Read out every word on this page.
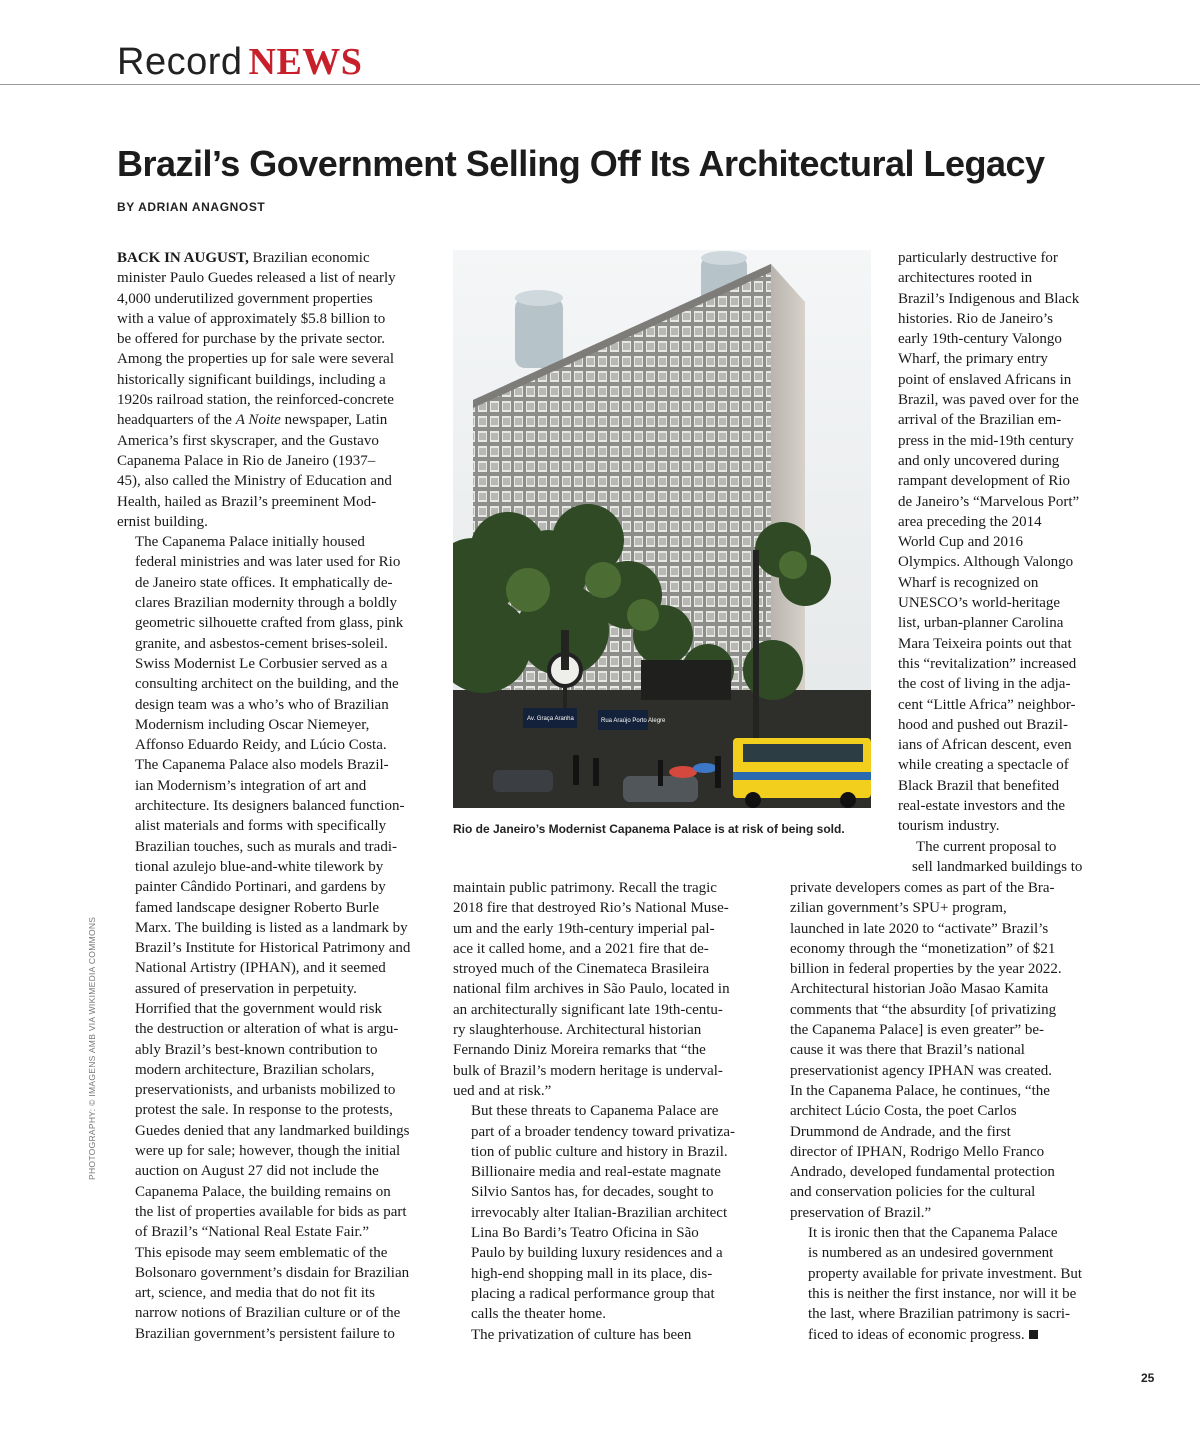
Record NEWS
Brazil’s Government Selling Off Its Architectural Legacy

BY ADRIAN ANAGNOST

BACK IN AUGUST, Brazilian economic
minister Paulo Guedes released a list of nearly
4,000 underutilized government properties
with a value of approximately $5.8 billion to
be offered for purchase by the private sector.
Among the properties up for sale were several
historically significant buildings, including a
1920s railroad station, the reinforced-concrete
headquarters of the A Noite newspaper, Latin
America’s first skyscraper, and the Gustavo
Capanema Palace in Rio de Janeiro (1937–
45), also called the Ministry of Education and
Health, hailed as Brazil’s preeminent Mod-
ernist building.

The Capanema Palace initially housed
federal ministries and was later used for Rio
de Janeiro state offices. It emphatically de-
clares Brazilian modernity through a boldly
geometric silhouette crafted from glass, pink
granite, and asbestos-cement brises-soleil.
Swiss Modernist Le Corbusier served as a
consulting architect on the building, and the
design team was a who’s who of Brazilian
Modernism including Oscar Niemeyer,
Affonso Eduardo Reidy, and Lúcio Costa.

The Capanema Palace also models Brazil-
ian Modernism’s integration of art and
architecture. Its designers balanced function-
alist materials and forms with specifically
Brazilian touches, such as murals and tradi-
tional azulejo blue-and-white tilework by
painter Cândido Portinari, and gardens by
famed landscape designer Roberto Burle
Marx. The building is listed as a landmark by
Brazil’s Institute for Historical Patrimony and
National Artistry (IPHAN), and it seemed
assured of preservation in perpetuity.

Horrified that the government would risk
the destruction or alteration of what is argu-
ably Brazil’s best-known contribution to
modern architecture, Brazilian scholars,
preservationists, and urbanists mobilized to
protest the sale. In response to the protests,
Guedes denied that any landmarked buildings
were up for sale; however, though the initial
auction on August 27 did not include the
Capanema Palace, the building remains on
the list of properties available for bids as part
of Brazil’s “National Real Estate Fair.”

This episode may seem emblematic of the
Bolsonaro government’s disdain for Brazilian
art, science, and media that do not fit its
narrow notions of Brazilian culture or of the
Brazilian government’s persistent failure to

Av. Graça Aranha	Rua Araújo Porto Alegre

Rio de Janeiro’s Modernist Capanema Palace is at risk of being sold.

maintain public patrimony. Recall the tragic
2018 fire that destroyed Rio’s National Muse-
um and the early 19th-century imperial pal-
ace it called home, and a 2021 fire that de-
stroyed much of the Cinemateca Brasileira
national film archives in São Paulo, located in
an architecturally significant late 19th-centu-
ry slaughterhouse. Architectural historian
Fernando Diniz Moreira remarks that “the
bulk of Brazil’s modern heritage is underval-
ued and at risk.”

But these threats to Capanema Palace are
part of a broader tendency toward privatiza-
tion of public culture and history in Brazil.
Billionaire media and real-estate magnate
Silvio Santos has, for decades, sought to
irrevocably alter Italian-Brazilian architect
Lina Bo Bardi’s Teatro Oficina in São
Paulo by building luxury residences and a
high-end shopping mall in its place, dis-
placing a radical performance group that
calls the theater home.

The privatization of culture has been

particularly destructive for
architectures rooted in
Brazil’s Indigenous and Black
histories. Rio de Janeiro’s
early 19th-century Valongo
Wharf, the primary entry
point of enslaved Africans in
Brazil, was paved over for the
arrival of the Brazilian em-
press in the mid-19th century
and only uncovered during
rampant development of Rio
de Janeiro’s “Marvelous Port”
area preceding the 2014
World Cup and 2016
Olympics. Although Valongo
Wharf is recognized on
UNESCO’s world-heritage
list, urban-planner Carolina
Mara Teixeira points out that
this “revitalization” increased
the cost of living in the adja-
cent “Little Africa” neighbor-
hood and pushed out Brazil-
ians of African descent, even
while creating a spectacle of
Black Brazil that benefited
real-estate investors and the
tourism industry.

The current proposal to
sell landmarked buildings to

private developers comes as part of the Bra-
zilian government’s SPU+ program,
launched in late 2020 to “activate” Brazil’s
economy through the “monetization” of $21
billion in federal properties by the year 2022.
Architectural historian João Masao Kamita
comments that “the absurdity [of privatizing
the Capanema Palace] is even greater” be-
cause it was there that Brazil’s national
preservationist agency IPHAN was created.
In the Capanema Palace, he continues, “the
architect Lúcio Costa, the poet Carlos
Drummond de Andrade, and the first
director of IPHAN, Rodrigo Mello Franco
Andrado, developed fundamental protection
and conservation policies for the cultural
preservation of Brazil.”

It is ironic then that the Capanema Palace
is numbered as an undesired government
property available for private investment. But
this is neither the first instance, nor will it be
the last, where Brazilian patrimony is sacri-
ficed to ideas of economic progress.

PHOTOGRAPHY: © IMAGENS AMB VIA WIKIMEDIA COMMONS
25
